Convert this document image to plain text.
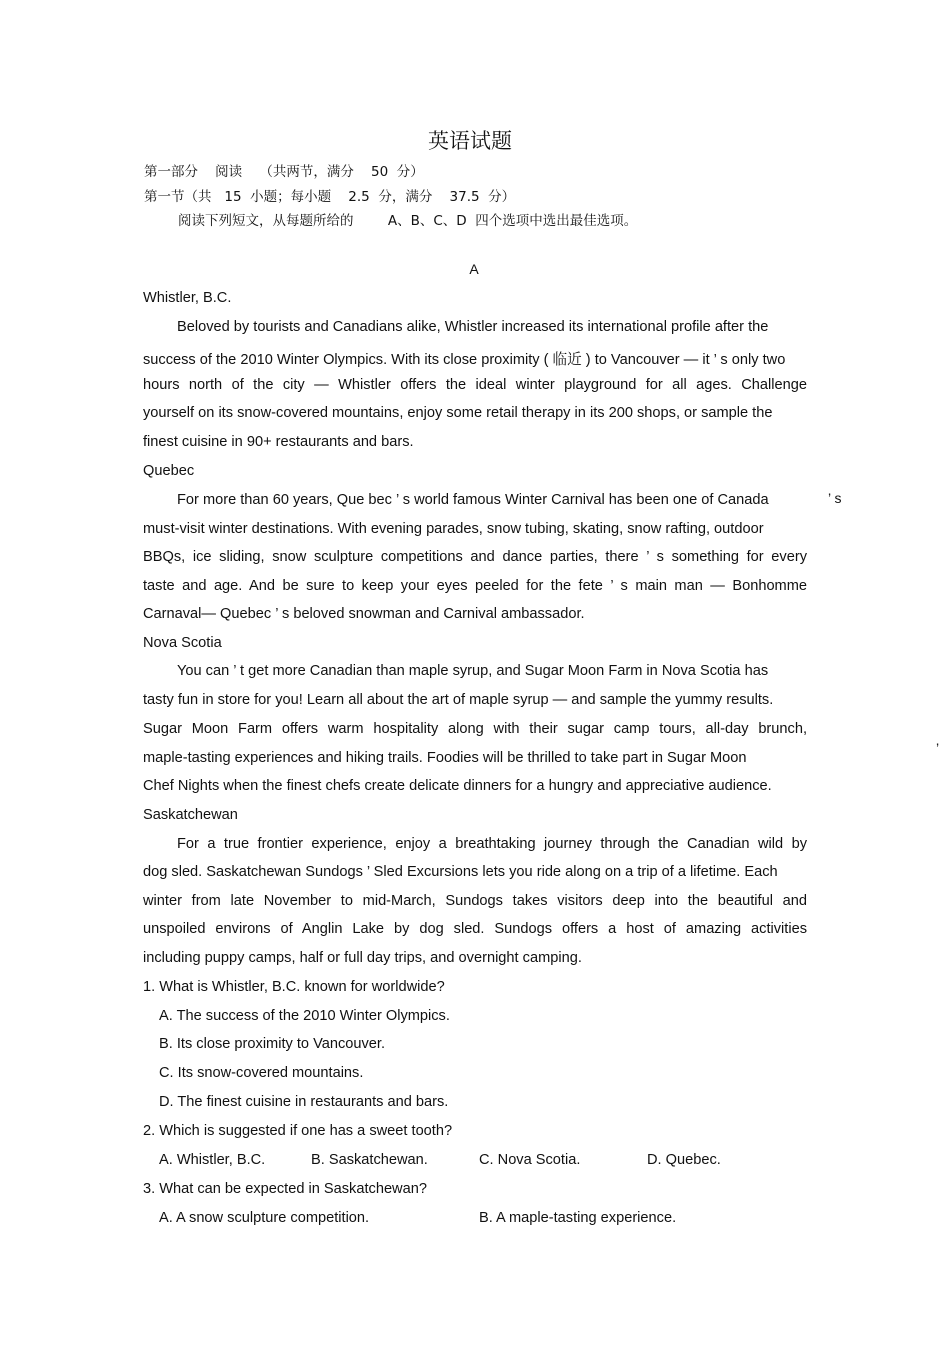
英语试题
第一部分    阅读    （共两节，满分    50  分）
第一节（共   15  小题；每小题    2.5  分，满分    37.5  分）
阅读下列短文，从每题所给的        A、B、C、D  四个选项中选出最佳选项。
A
Whistler, B.C.
Beloved by tourists and Canadians alike, Whistler increased its international profile after the
success of the 2010 Winter Olympics. With its close proximity ( 临近 ) to Vancouver — it ’ s only two
hours north of the city — Whistler offers the ideal winter playground for all ages. Challenge
yourself on its snow-covered mountains, enjoy some retail therapy in its 200 shops, or sample the
finest cuisine in 90+ restaurants and bars.
Quebec
For more than 60 years, Que bec ’ s world famous Winter Carnival has been one of Canada	’ s
must-visit winter destinations. With evening parades, snow tubing, skating, snow rafting, outdoor
BBQs, ice sliding, snow sculpture competitions and dance parties, there ’ s something for every
taste and age. And be sure to keep your eyes peeled for the fete ’ s main man — Bonhomme
Carnaval— Quebec ’ s beloved snowman and Carnival ambassador.
Nova Scotia
You can ’ t get more Canadian than maple syrup, and Sugar Moon Farm in Nova Scotia has
tasty fun in store for you! Learn all about the art of maple syrup — and sample the yummy results.
Sugar Moon Farm offers warm hospitality along with their sugar camp tours, all-day brunch,
maple-tasting experiences and hiking trails. Foodies will be thrilled to take part in Sugar Moon
’
Chef Nights when the finest chefs create delicate dinners for a hungry and appreciative audience.
Saskatchewan
For a true frontier experience, enjoy a breathtaking journey through the Canadian wild by
dog sled. Saskatchewan Sundogs ’ Sled Excursions lets you ride along on a trip of a lifetime. Each
winter from late November to mid-March, Sundogs takes visitors deep into the beautiful and
unspoiled environs of Anglin Lake by dog sled. Sundogs offers a host of amazing activities
including puppy camps, half or full day trips, and overnight camping.
1. What is Whistler, B.C. known for worldwide?
A. The success of the 2010 Winter Olympics.
B. Its close proximity to Vancouver.
C. Its snow-covered mountains.
D. The finest cuisine in restaurants and bars.
2. Which is suggested if one has a sweet tooth?
A. Whistler, B.C.	B. Saskatchewan.	C. Nova Scotia.	D. Quebec.
3. What can be expected in Saskatchewan?
A. A snow sculpture competition.	B. A maple-tasting experience.
